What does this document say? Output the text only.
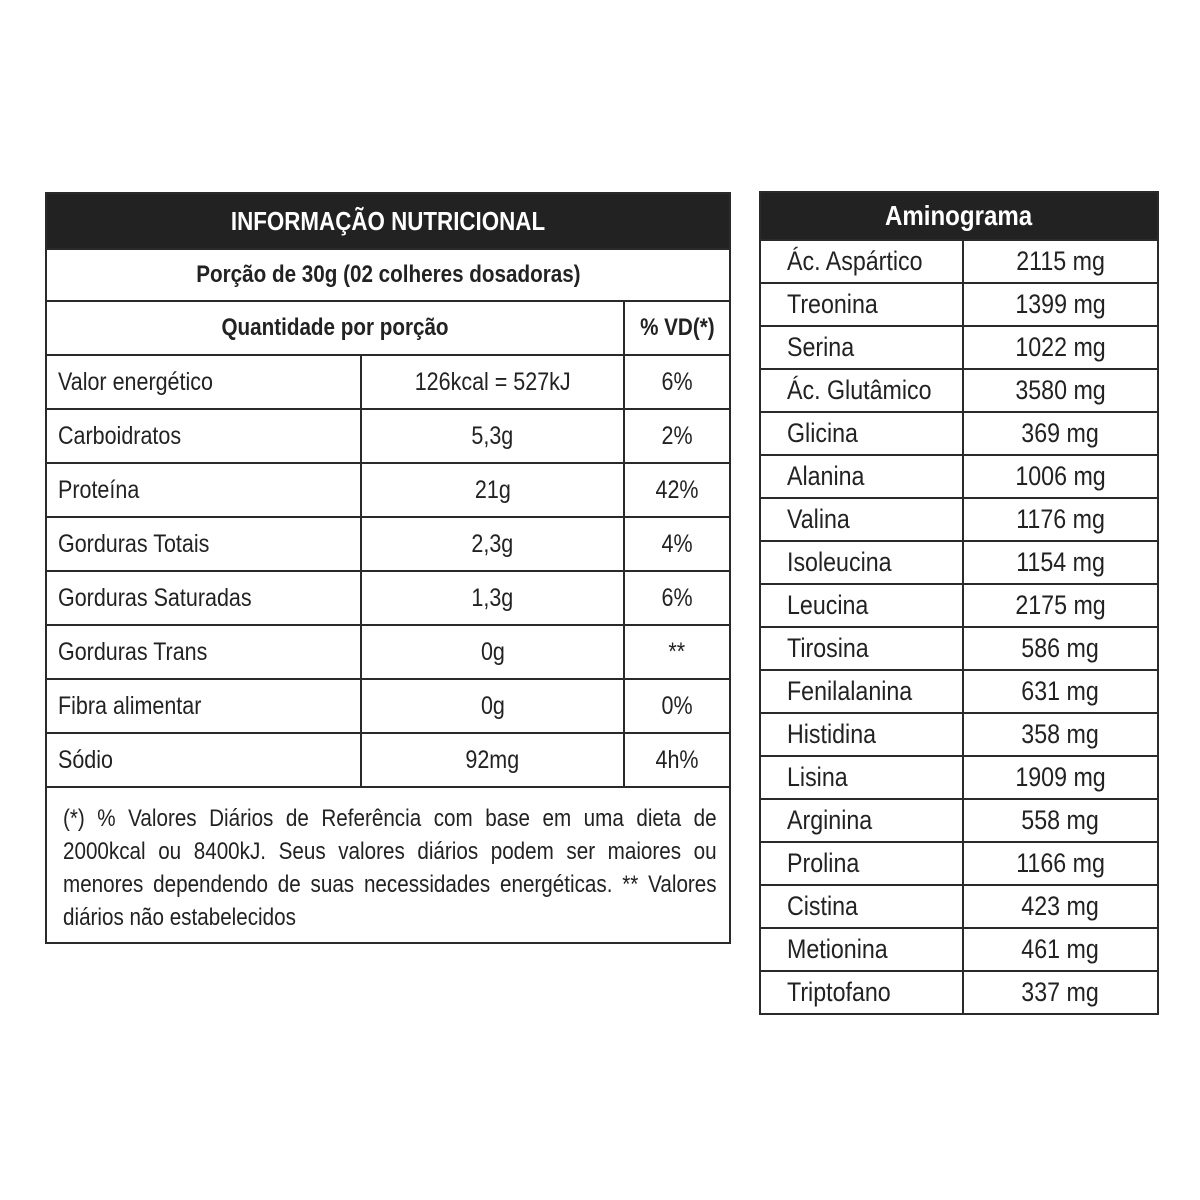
INFORMAÇÃO NUTRICIONAL
Porção de 30g (02 colheres dosadoras)
Quantidade por porção	% VD(*)
Valor energético	126kcal = 527kJ	6%
Carboidratos	5,3g	2%
Proteína	21g	42%
Gorduras Totais	2,3g	4%
Gorduras Saturadas	1,3g	6%
Gorduras Trans	0g	**
Fibra alimentar	0g	0%
Sódio	92mg	4h%
(*) % Valores Diários de Referência com base em uma dieta de 2000kcal ou 8400kJ. Seus valores diários podem ser maiores ou menores dependendo de suas necessidades energéticas. ** Valores diários não estabelecidos
Aminograma
Ác. Aspártico	2115 mg
Treonina	1399 mg
Serina	1022 mg
Ác. Glutâmico	3580 mg
Glicina	369 mg
Alanina	1006 mg
Valina	1176 mg
Isoleucina	1154 mg
Leucina	2175 mg
Tirosina	586 mg
Fenilalanina	631 mg
Histidina	358 mg
Lisina	1909 mg
Arginina	558 mg
Prolina	1166 mg
Cistina	423 mg
Metionina	461 mg
Triptofano	337 mg
